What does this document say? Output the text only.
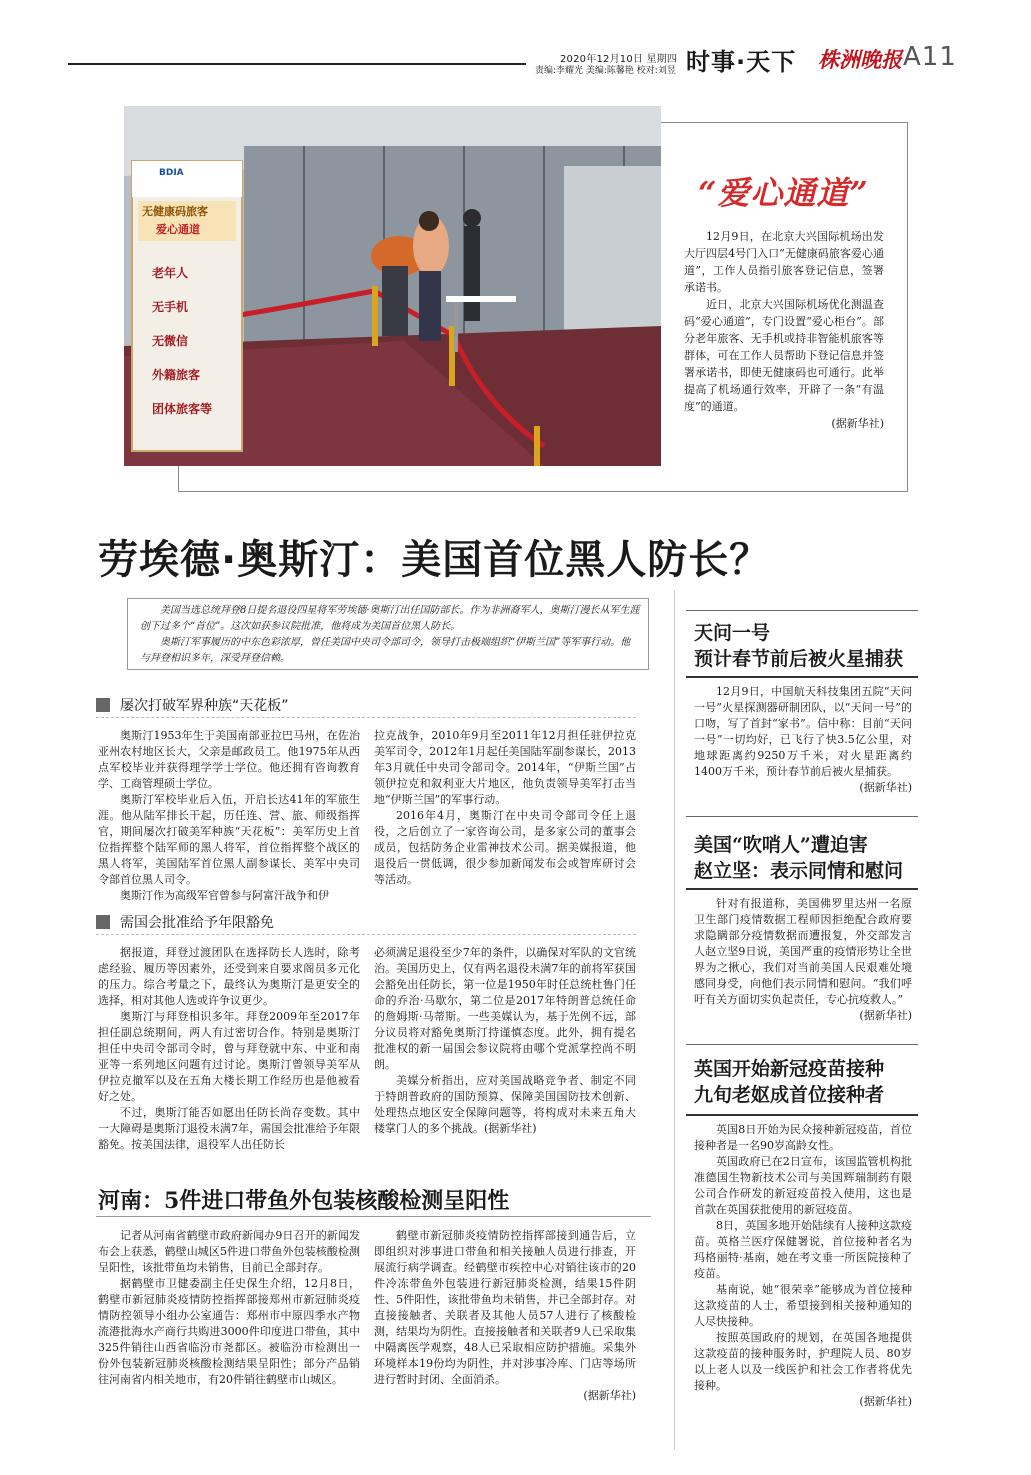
2020年12月10日 星期四
责编:李耀光 美编:陈馨艳 校对:刘昱 时事·天下 株洲晚报 A11
BDIA
无健康码旅客
爱心通道
老年人
无手机
无微信
外籍旅客
团体旅客等
“爱心通道”

12月9日，在北京大兴国际机场出发大厅四层4号门入口“无健康码旅客爱心通道”，工作人员指引旅客登记信息，签署承诺书。

近日，北京大兴国际机场优化测温查码“爱心通道”，专门设置“爱心柜台”。部分老年旅客、无手机或持非智能机旅客等群体，可在工作人员帮助下登记信息并签署承诺书，即使无健康码也可通行。此举提高了机场通行效率，开辟了一条“有温度”的通道。

(据新华社)
劳埃德·奥斯汀：美国首位黑人防长？

美国当选总统拜登8日提名退役四星将军劳埃德·奥斯汀出任国防部长。作为非洲裔军人，奥斯汀漫长从军生涯创下过多个“首位”。这次如获参议院批准，他将成为美国首位黑人防长。

奥斯汀军事履历的中东色彩浓厚，曾任美国中央司令部司令，领导打击极端组织“伊斯兰国”等军事行动。他与拜登相识多年，深受拜登信赖。

屡次打破军界种族“天花板”

奥斯汀1953年生于美国南部亚拉巴马州，在佐治亚州农村地区长大，父亲是邮政员工。他1975年从西点军校毕业并获得理学学士学位。他还拥有咨询教育学、工商管理硕士学位。

奥斯汀军校毕业后入伍，开启长达41年的军旅生涯。他从陆军排长干起，历任连、营、旅、师级指挥官，期间屡次打破美军种族“天花板”：美军历史上首位指挥整个陆军师的黑人将军，首位指挥整个战区的黑人将军，美国陆军首位黑人副参谋长、美军中央司令部首位黑人司令。

奥斯汀作为高级军官曾参与阿富汗战争和伊

拉克战争，2010年9月至2011年12月担任驻伊拉克美军司令，2012年1月起任美国陆军副参谋长，2013年3月就任中央司令部司令。2014年，“伊斯兰国”占领伊拉克和叙利亚大片地区，他负责领导美军打击当地“伊斯兰国”的军事行动。

2016年4月，奥斯汀在中央司令部司令任上退役，之后创立了一家咨询公司，是多家公司的董事会成员，包括防务企业雷神技术公司。据美媒报道，他退役后一贯低调，很少参加新闻发布会或智库研讨会等活动。

需国会批准给予年限豁免

据报道，拜登过渡团队在选择防长人选时，除考虑经验、履历等因素外，还受到来自要求阁员多元化的压力。综合考量之下，最终认为奥斯汀是更安全的选择，相对其他人选或许争议更少。

奥斯汀与拜登相识多年。拜登2009年至2017年担任副总统期间，两人有过密切合作。特别是奥斯汀担任中央司令部司令时，曾与拜登就中东、中亚和南亚等一系列地区问题有过讨论。奥斯汀曾领导美军从伊拉克撤军以及在五角大楼长期工作经历也是他被看好之处。

不过，奥斯汀能否如愿出任防长尚存变数。其中一大障碍是奥斯汀退役未满7年，需国会批准给予年限豁免。按美国法律，退役军人出任防长

必须满足退役至少7年的条件，以确保对军队的文官统治。美国历史上，仅有两名退役未满7年的前将军获国会豁免出任防长，第一位是1950年时任总统杜鲁门任命的乔治·马歇尔，第二位是2017年特朗普总统任命的詹姆斯·马蒂斯。一些美媒认为，基于先例不远，部分议员将对豁免奥斯汀持谨慎态度。此外，拥有提名批准权的新一届国会参议院将由哪个党派掌控尚不明朗。

美媒分析指出，应对美国战略竞争者、制定不同于特朗普政府的国防预算、保障美国国防技术创新、处理热点地区安全保障问题等，将构成对未来五角大楼掌门人的多个挑战。(据新华社)

河南：5件进口带鱼外包装核酸检测呈阳性

记者从河南省鹤壁市政府新闻办9日召开的新闻发布会上获悉，鹤壁山城区5件进口带鱼外包装核酸检测呈阳性，该批带鱼均未销售，目前已全部封存。

据鹤壁市卫健委副主任史保生介绍，12月8日，鹤壁市新冠肺炎疫情防控指挥部接郑州市新冠肺炎疫情防控领导小组办公室通告：郑州市中原四季水产物流港批海水产商行共购进3000件印度进口带鱼，其中325件销往山西省临汾市尧都区。被临汾市检测出一份外包装新冠肺炎核酸检测结果呈阳性；部分产品销往河南省内相关地市，有20件销往鹤壁市山城区。

鹤壁市新冠肺炎疫情防控指挥部接到通告后，立即组织对涉事进口带鱼和相关接触人员进行排查，开展流行病学调查。经鹤壁市疾控中心对销往该市的20件冷冻带鱼外包装进行新冠肺炎检测，结果15件阴性、5件阳性，该批带鱼均未销售，并已全部封存。对直接接触者、关联者及其他人员57人进行了核酸检测，结果均为阴性。直接接触者和关联者9人已采取集中隔离医学观察，48人已采取相应防护措施。采集外环境样本19份均为阴性，并对涉事冷库、门店等场所进行暂时封闭、全面消杀。

(据新华社)
天问一号
预计春节前后被火星捕获

12月9日，中国航天科技集团五院“天问一号”火星探测器研制团队，以“天问一号”的口吻，写了首封“家书”。信中称：目前“天问一号”一切均好，已飞行了快3.5亿公里，对地球距离约9250万千米，对火星距离约1400万千米，预计春节前后被火星捕获。

(据新华社)
美国“吹哨人”遭迫害
赵立坚：表示同情和慰问

针对有报道称，美国佛罗里达州一名原卫生部门疫情数据工程师因拒绝配合政府要求隐瞒部分疫情数据而遭报复，外交部发言人赵立坚9日说，美国严重的疫情形势让全世界为之揪心，我们对当前美国人民艰难处境感同身受，向他们表示同情和慰问。“我们呼吁有关方面切实负起责任，专心抗疫救人。”

(据新华社)
英国开始新冠疫苗接种
九旬老妪成首位接种者

英国8日开始为民众接种新冠疫苗，首位接种者是一名90岁高龄女性。

英国政府已在2日宣布，该国监管机构批准德国生物新技术公司与美国辉瑞制药有限公司合作研发的新冠疫苗投入使用，这也是首款在英国获批使用的新冠疫苗。

8日，英国多地开始陆续有人接种这款疫苗。英格兰医疗保健署说，首位接种者名为玛格丽特·基南，她在考文垂一所医院接种了疫苗。

基南说，她“很荣幸”能够成为首位接种这款疫苗的人士，希望接到相关接种通知的人尽快接种。

按照英国政府的规划，在英国各地提供这款疫苗的接种服务时，护理院人员、80岁以上老人以及一线医护和社会工作者将优先接种。

(据新华社)
